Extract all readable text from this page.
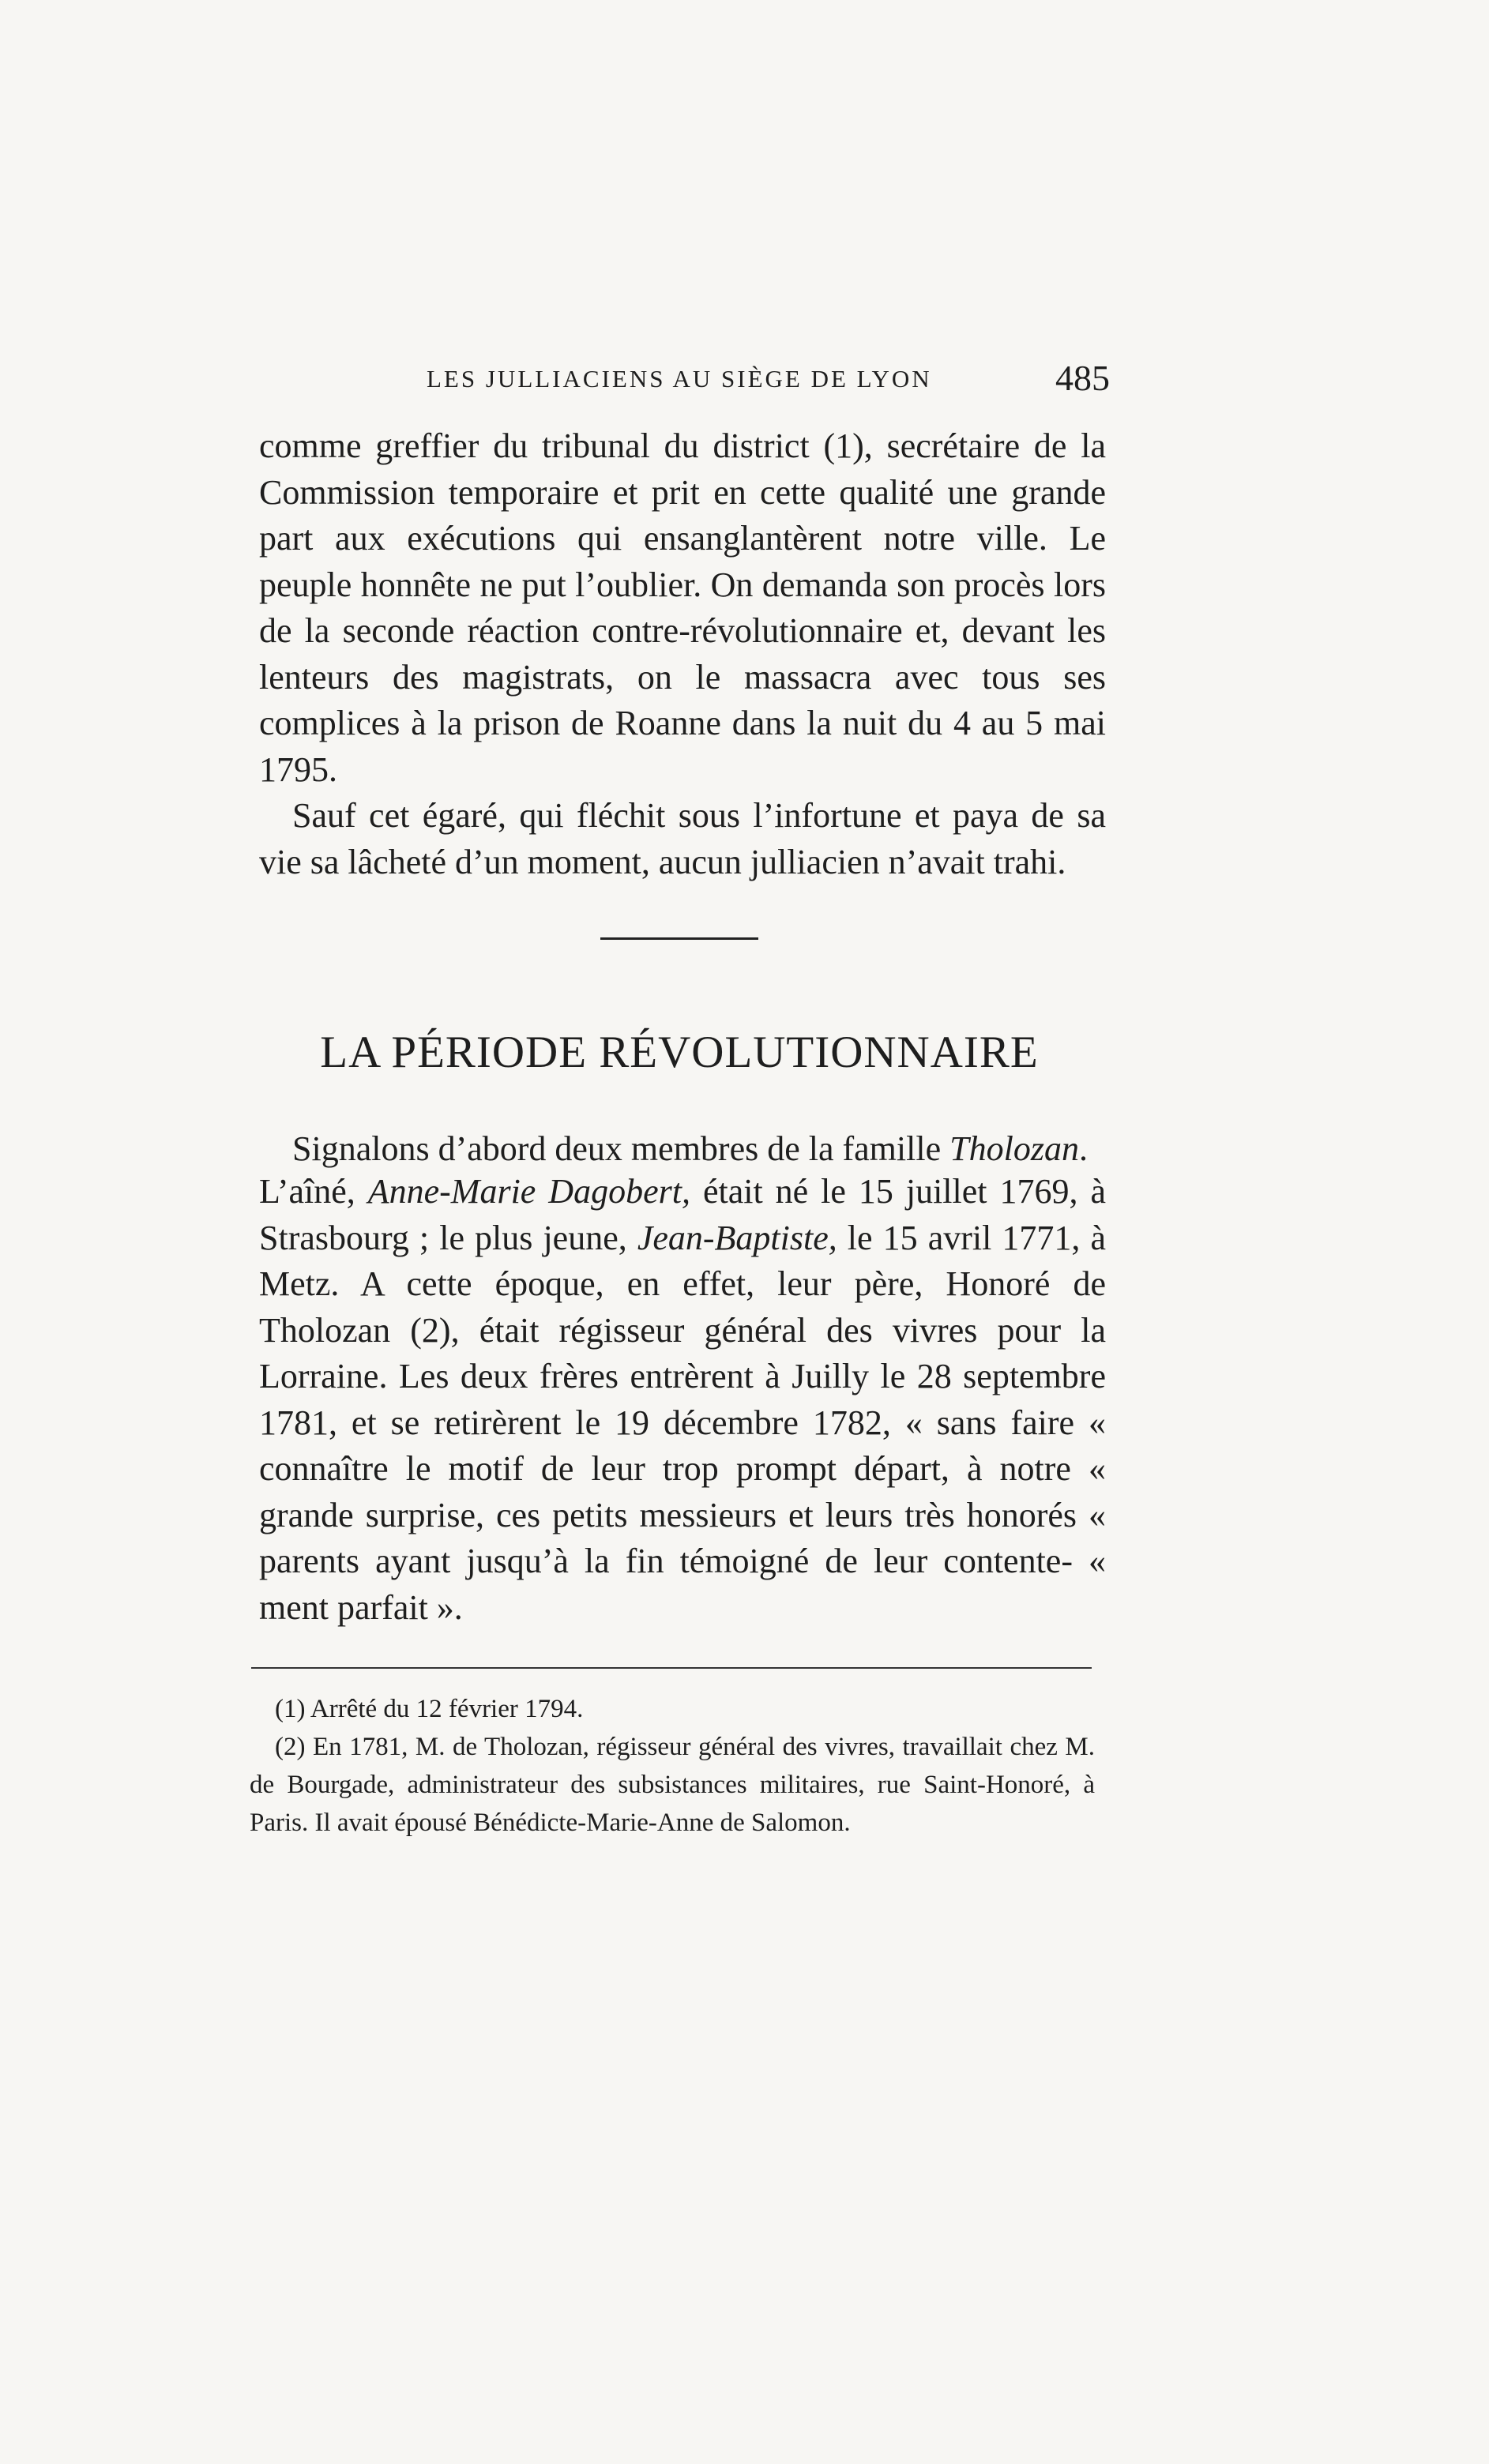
LES JULLIACIENS AU SIÈGE DE LYON	485
comme greffier du tribunal du district (1), secrétaire de la Commission temporaire et prit en cette qualité une grande part aux exécutions qui ensanglantèrent notre ville. Le peuple honnête ne put l’oublier. On demanda son procès lors de la seconde réaction contre-révolutionnaire et, devant les lenteurs des magistrats, on le massacra avec tous ses complices à la prison de Roanne dans la nuit du 4 au 5 mai 1795.
Sauf cet égaré, qui fléchit sous l’infortune et paya de sa vie sa lâcheté d’un moment, aucun julliacien n’avait trahi.
LA PÉRIODE RÉVOLUTIONNAIRE
Signalons d’abord deux membres de la famille Tholozan.
L’aîné, Anne-Marie Dagobert, était né le 15 juillet 1769, à Strasbourg ; le plus jeune, Jean-Baptiste, le 15 avril 1771, à Metz. A cette époque, en effet, leur père, Honoré de Tholozan (2), était régisseur général des vivres pour la Lorraine. Les deux frères entrèrent à Juilly le 28 septembre 1781, et se retirèrent le 19 décembre 1782, « sans faire « connaître le motif de leur trop prompt départ, à notre « grande surprise, ces petits messieurs et leurs très honorés « parents ayant jusqu’à la fin témoigné de leur contente- « ment parfait ».

(1) Arrêté du 12 février 1794.

(2) En 1781, M. de Tholozan, régisseur général des vivres, travaillait chez M. de Bourgade, administrateur des subsistances militaires, rue Saint-Honoré, à Paris. Il avait épousé Bénédicte-Marie-Anne de Salomon.
